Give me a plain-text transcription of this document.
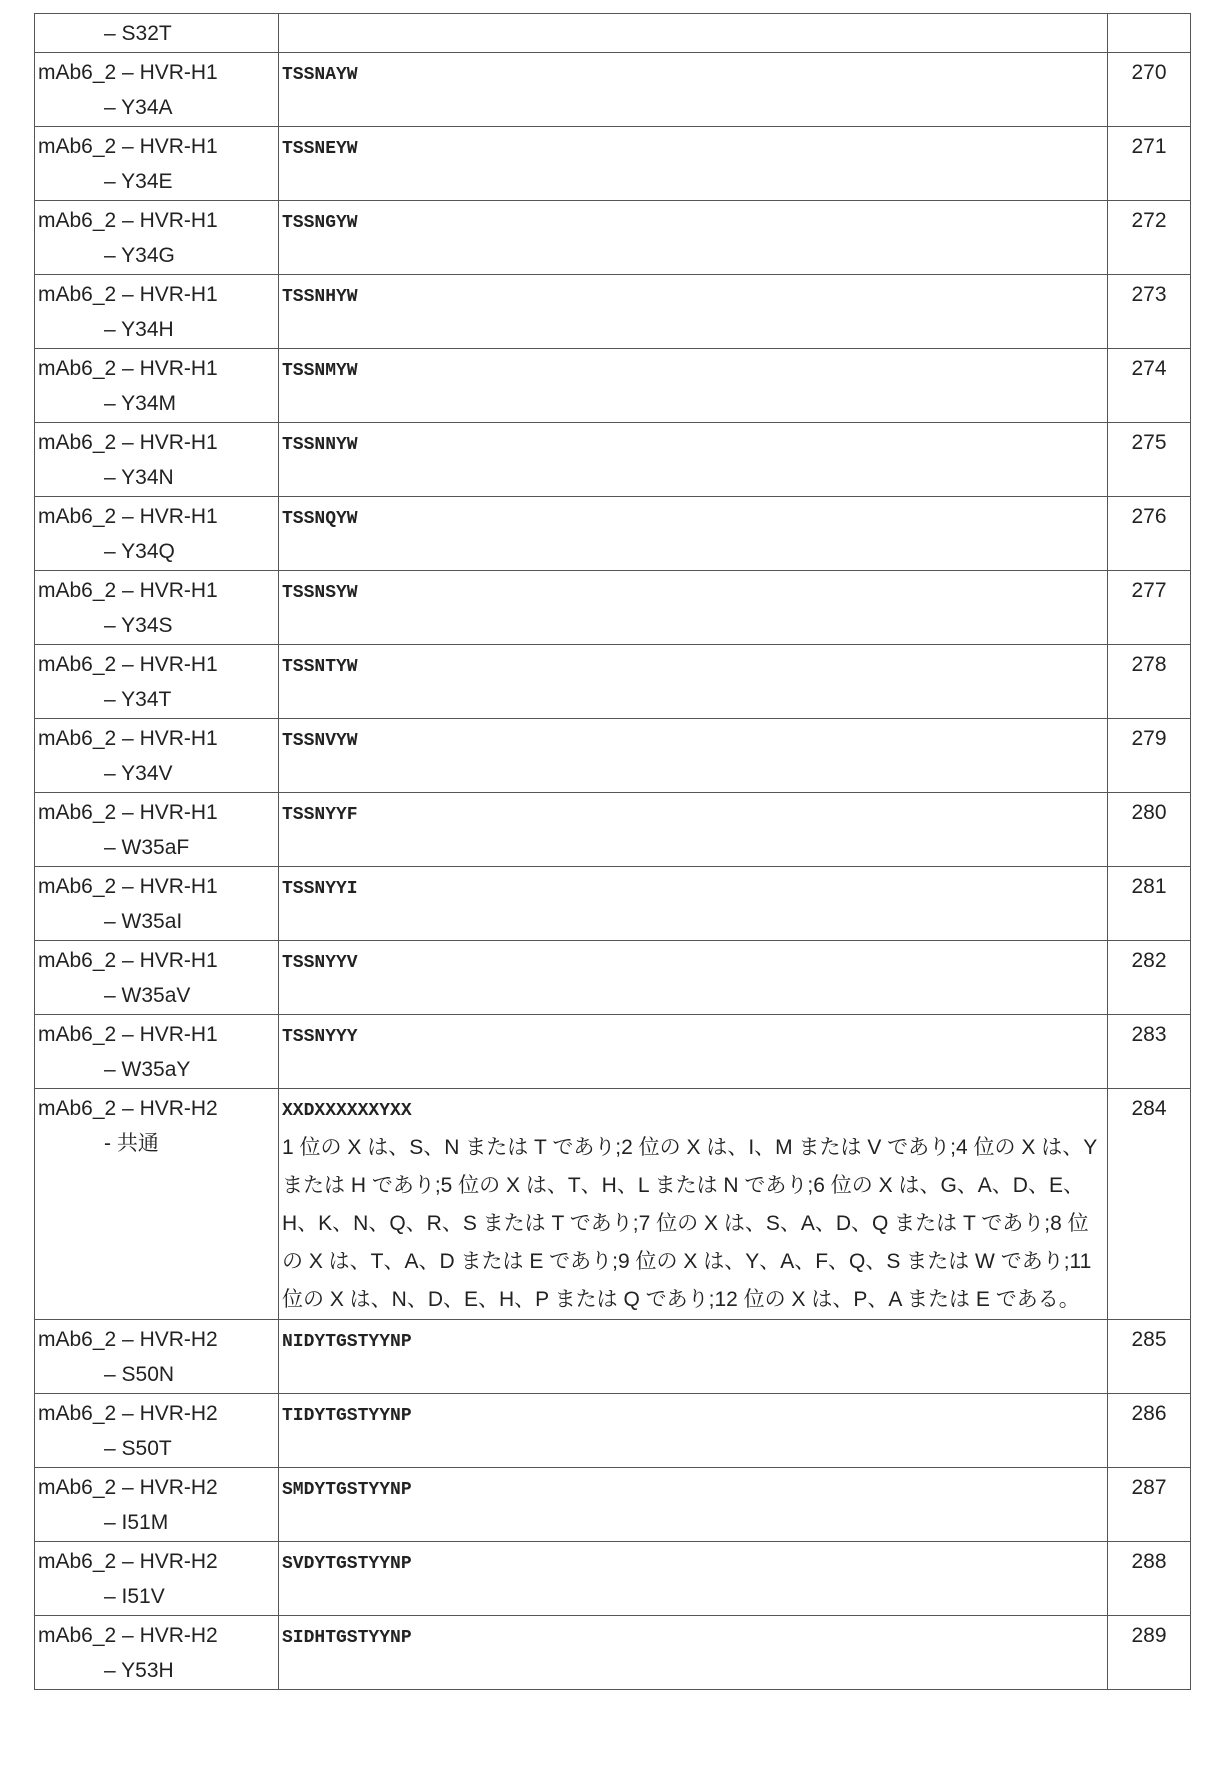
– S32T

mAb6_2 – HVR-H1
– Y34A
	TSSNAYW	270

mAb6_2 – HVR-H1
– Y34E
	TSSNEYW	271

mAb6_2 – HVR-H1
– Y34G
	TSSNGYW	272

mAb6_2 – HVR-H1
– Y34H
	TSSNHYW	273

mAb6_2 – HVR-H1
– Y34M
	TSSNMYW	274

mAb6_2 – HVR-H1
– Y34N
	TSSNNYW	275

mAb6_2 – HVR-H1
– Y34Q
	TSSNQYW	276

mAb6_2 – HVR-H1
– Y34S
	TSSNSYW	277

mAb6_2 – HVR-H1
– Y34T
	TSSNTYW	278

mAb6_2 – HVR-H1
– Y34V
	TSSNVYW	279

mAb6_2 – HVR-H1
– W35aF
	TSSNYYF	280

mAb6_2 – HVR-H1
– W35aI
	TSSNYYI	281

mAb6_2 – HVR-H1
– W35aV
	TSSNYYV	282

mAb6_2 – HVR-H1
– W35aY
	TSSNYYY	283

mAb6_2 – HVR-H2
- 共通
	XXDXXXXXXYXX
1 位の X は、S、N または T であり;2 位の X は、I、M または V であり;4 位の X は、Y または H であり;5 位の X は、T、H、L または N であり;6 位の X は、G、A、D、E、H、K、N、Q、R、S または T であり;7 位の X は、S、A、D、Q または T であり;8 位の X は、T、A、D または E であり;9 位の X は、Y、A、F、Q、S または W であり;11 位の X は、N、D、E、H、P または Q であり;12 位の X は、P、A または E である。
	284

mAb6_2 – HVR-H2
– S50N
	NIDYTGSTYYNP	285

mAb6_2 – HVR-H2
– S50T
	TIDYTGSTYYNP	286

mAb6_2 – HVR-H2
– I51M
	SMDYTGSTYYNP	287

mAb6_2 – HVR-H2
– I51V
	SVDYTGSTYYNP	288

mAb6_2 – HVR-H2
– Y53H
	SIDHTGSTYYNP	289
